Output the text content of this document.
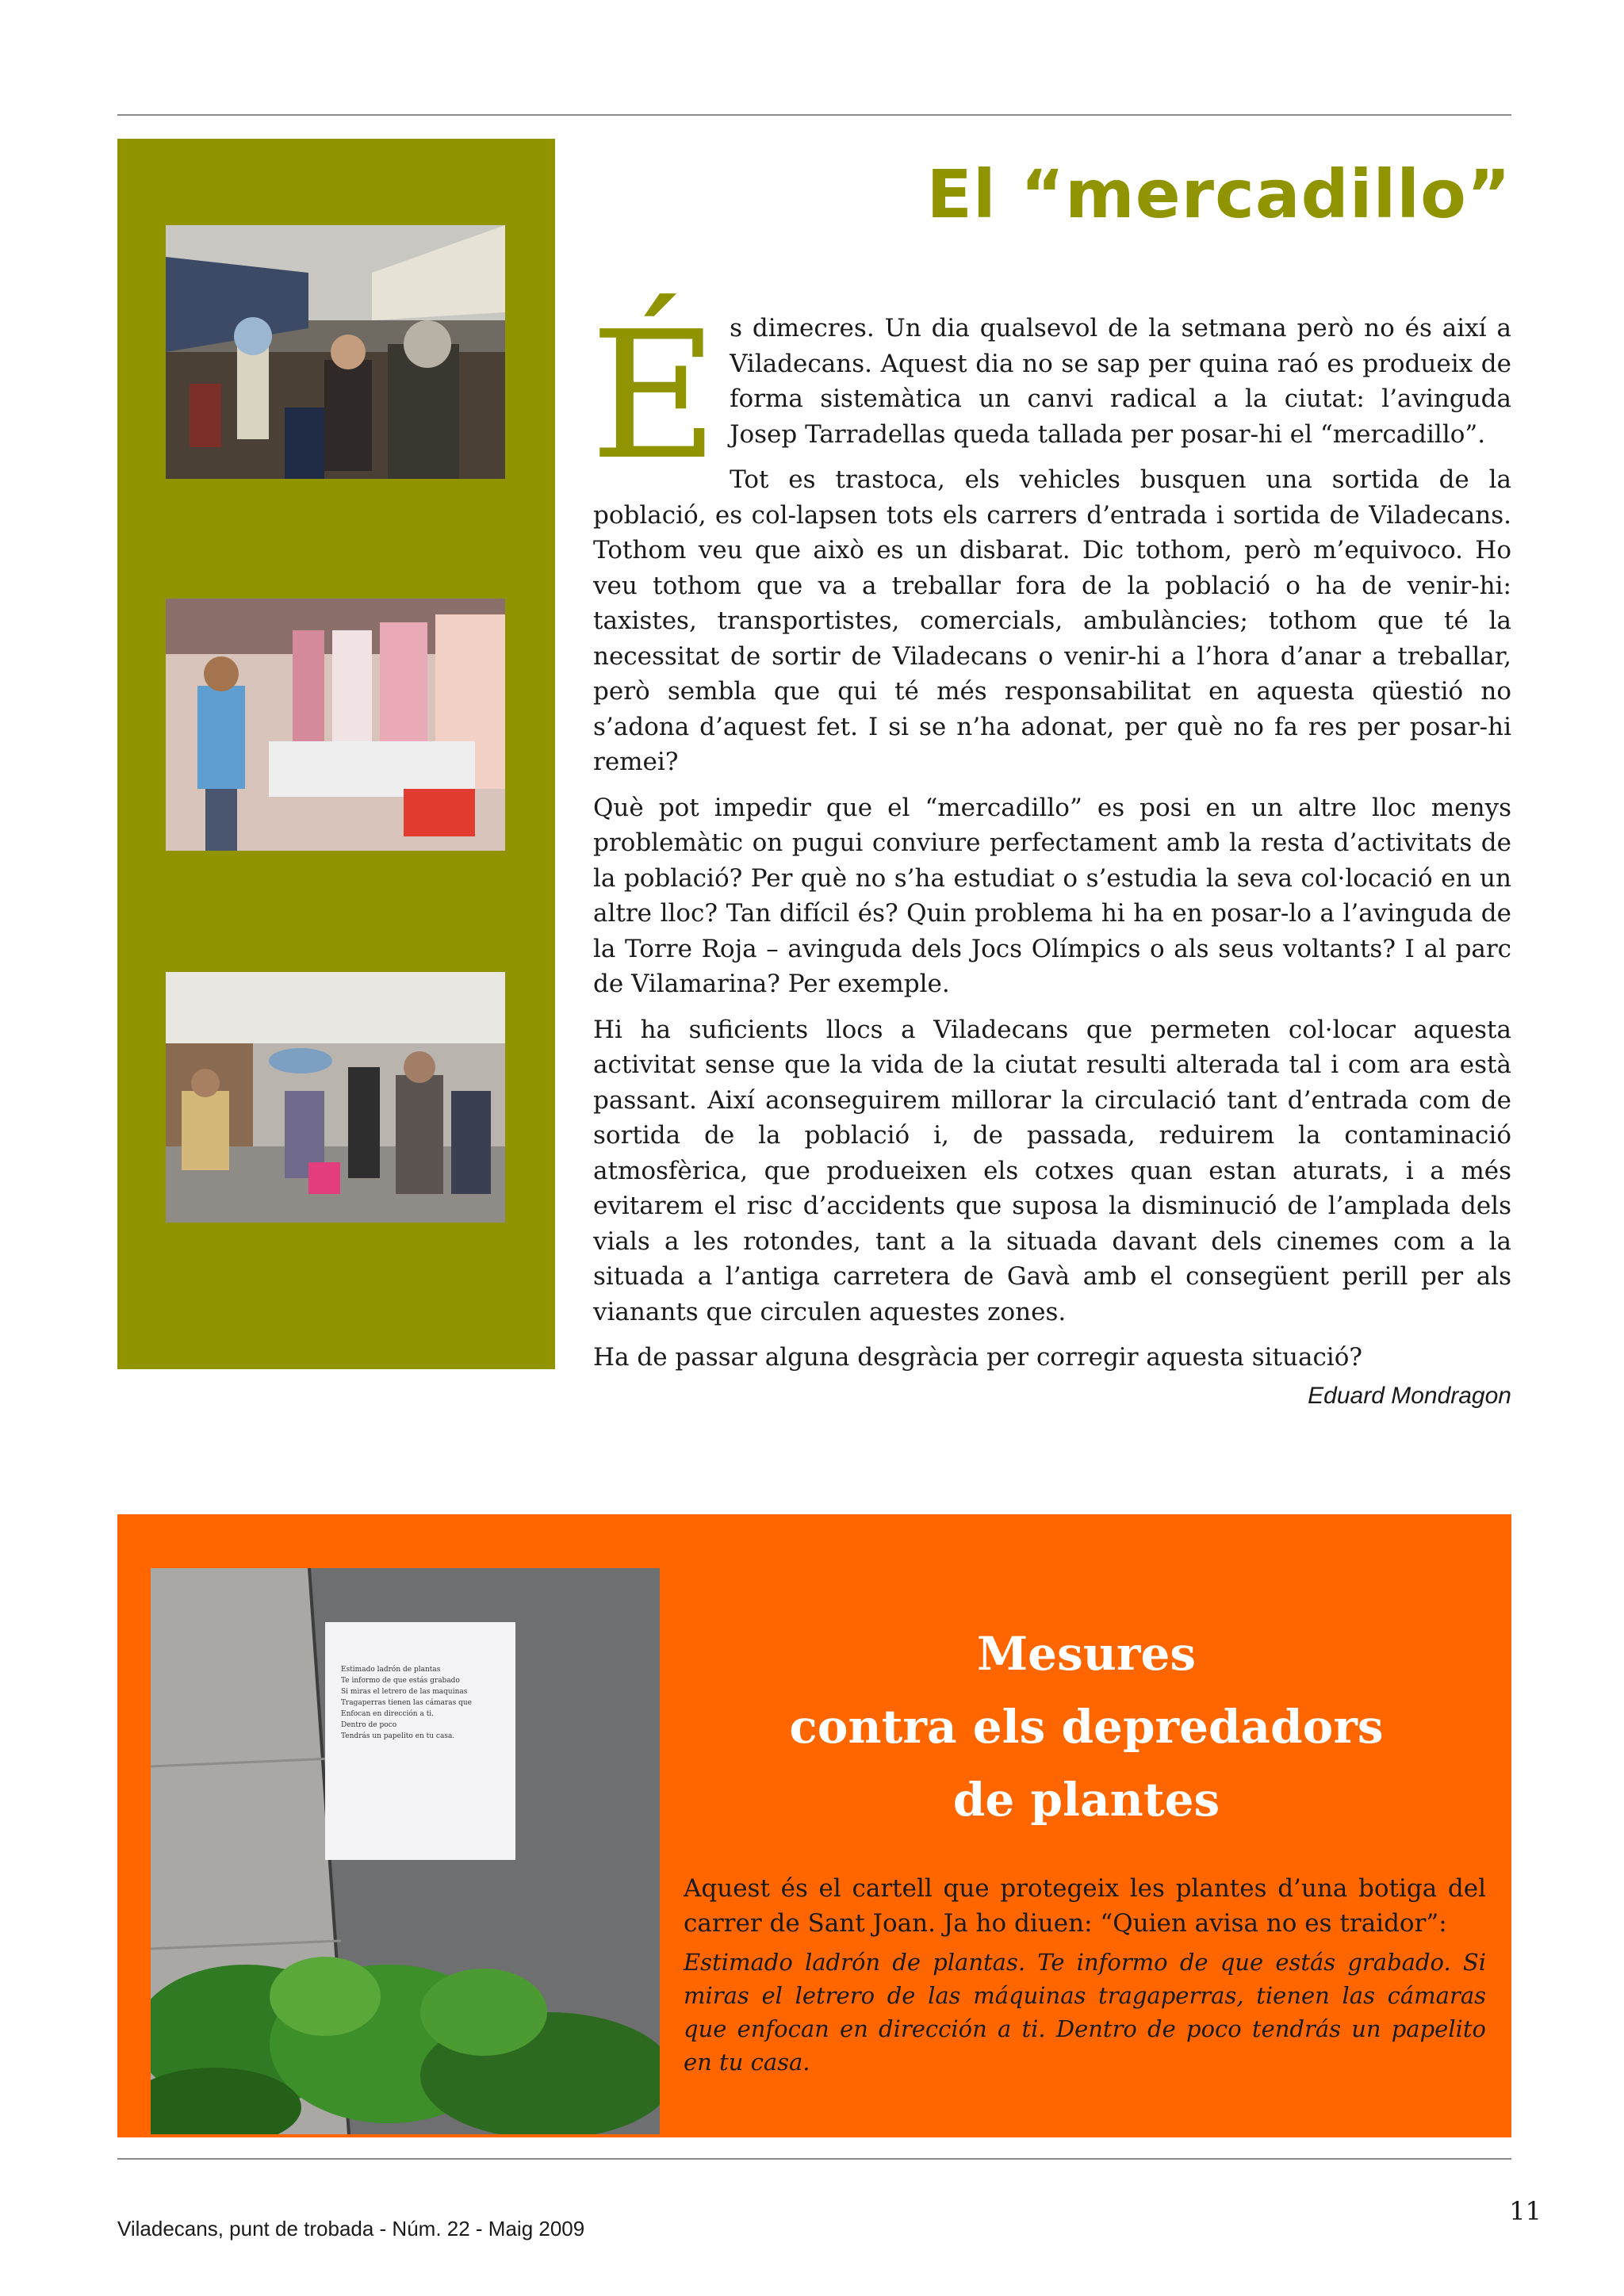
El “mercadillo”

És dimecres. Un dia qualsevol de la setmana però no és així a Viladecans. Aquest dia no se sap per quina raó es produeix de forma sistemàtica un canvi radical a la ciutat: l’avinguda Josep Tarradellas queda tallada per posar-hi el “mercadillo”.

Tot es trastoca, els vehicles busquen una sortida de la població, es col-lapsen tots els carrers d’entrada i sortida de Viladecans. Tothom veu que això es un disbarat. Dic tothom, però m’equivoco. Ho veu tothom que va a treballar fora de la població o ha de venir-hi: taxistes, transportistes, comercials, ambulàncies; tothom que té la necessitat de sortir de Viladecans o venir-hi a l’hora d’anar a treballar, però sembla que qui té més responsabilitat en aquesta qüestió no s’adona d’aquest fet. I si se n’ha adonat, per què no fa res per posar-hi remei?

Què pot impedir que el “mercadillo” es posi en un altre lloc menys problemàtic on pugui conviure perfectament amb la resta d’activitats de la població? Per què no s’ha estudiat o s’estudia la seva col·locació en un altre lloc? Tan difícil és? Quin problema hi ha en posar-lo a l’avinguda de la Torre Roja – avinguda dels Jocs Olímpics o als seus voltants? I al parc de Vilamarina? Per exemple.

Hi ha suficients llocs a Viladecans que permeten col·locar aquesta activitat sense que la vida de la ciutat resulti alterada tal i com ara està passant. Així aconseguirem millorar la circulació tant d’entrada com de sortida de la població i, de passada, reduirem la contaminació atmosfèrica, que produeixen els cotxes quan estan aturats, i a més evitarem el risc d’accidents que suposa la disminució de l’amplada dels vials a les rotondes, tant a la situada davant dels cinemes com a la situada a l’antiga carretera de Gavà amb el consegüent perill per als vianants que circulen aquestes zones.

Ha de passar alguna desgràcia per corregir aquesta situació?

Eduard Mondragon
Estimado ladrón de plantas
Te informo de que estás grabado
Si miras el letrero de las maquinas
Tragaperras tienen las cámaras que
Enfocan en dirección a ti.
Dentro de poco
Tendrás un papelito en tu casa.
Mesures
contra els depredadors
de plantes

Aquest és el cartell que protegeix les plantes d’una botiga del carrer de Sant Joan. Ja ho diuen: “Quien avisa no es traidor”:

Estimado ladrón de plantas. Te informo de que estás grabado. Si miras el letrero de las máquinas tragaperras, tienen las cámaras que enfocan en dirección a ti. Dentro de poco tendrás un papelito en tu casa.

Viladecans, punt de trobada - Núm. 22 - Maig 2009
11
